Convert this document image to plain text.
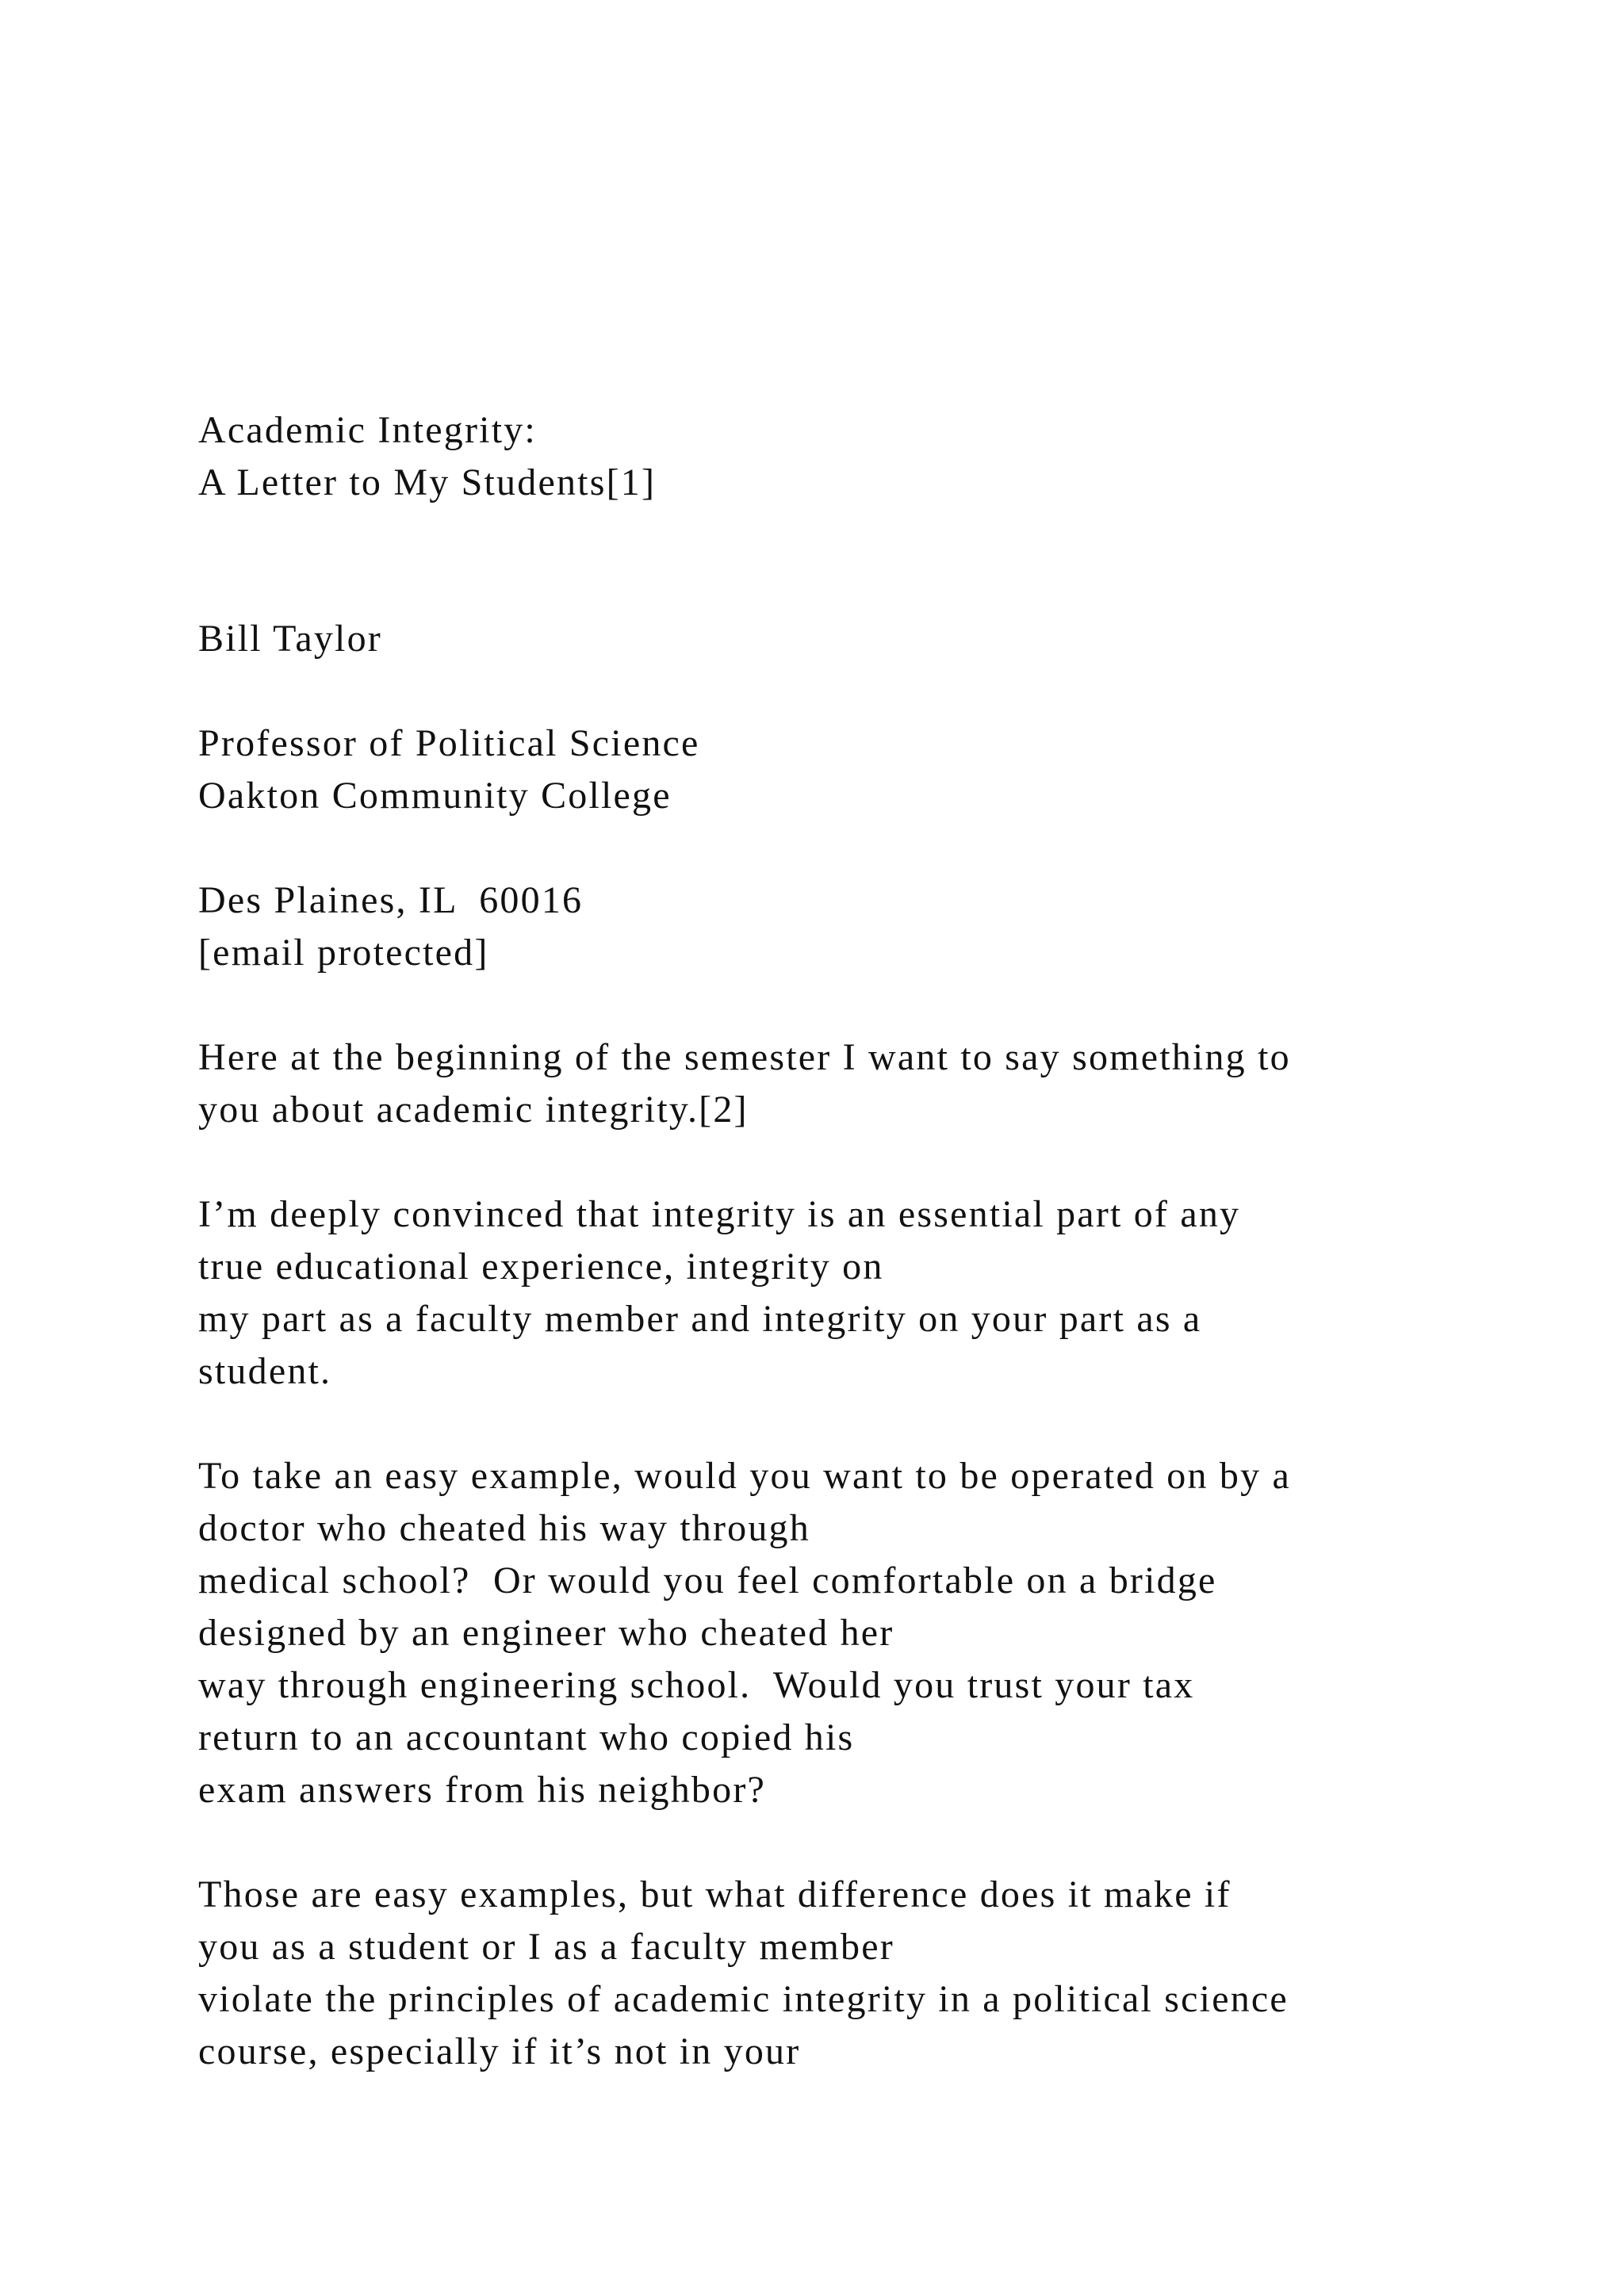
Academic Integrity:
A Letter to My Students[1]
Bill Taylor
Professor of Political Science
Oakton Community College
Des Plaines, IL  60016
[email protected]
Here at the beginning of the semester I want to say something to
you about academic integrity.[2]
I’m deeply convinced that integrity is an essential part of any
true educational experience, integrity on
my part as a faculty member and integrity on your part as a
student.
To take an easy example, would you want to be operated on by a
doctor who cheated his way through
medical school?  Or would you feel comfortable on a bridge
designed by an engineer who cheated her
way through engineering school.  Would you trust your tax
return to an accountant who copied his
exam answers from his neighbor?
Those are easy examples, but what difference does it make if
you as a student or I as a faculty member
violate the principles of academic integrity in a political science
course, especially if it’s not in your
